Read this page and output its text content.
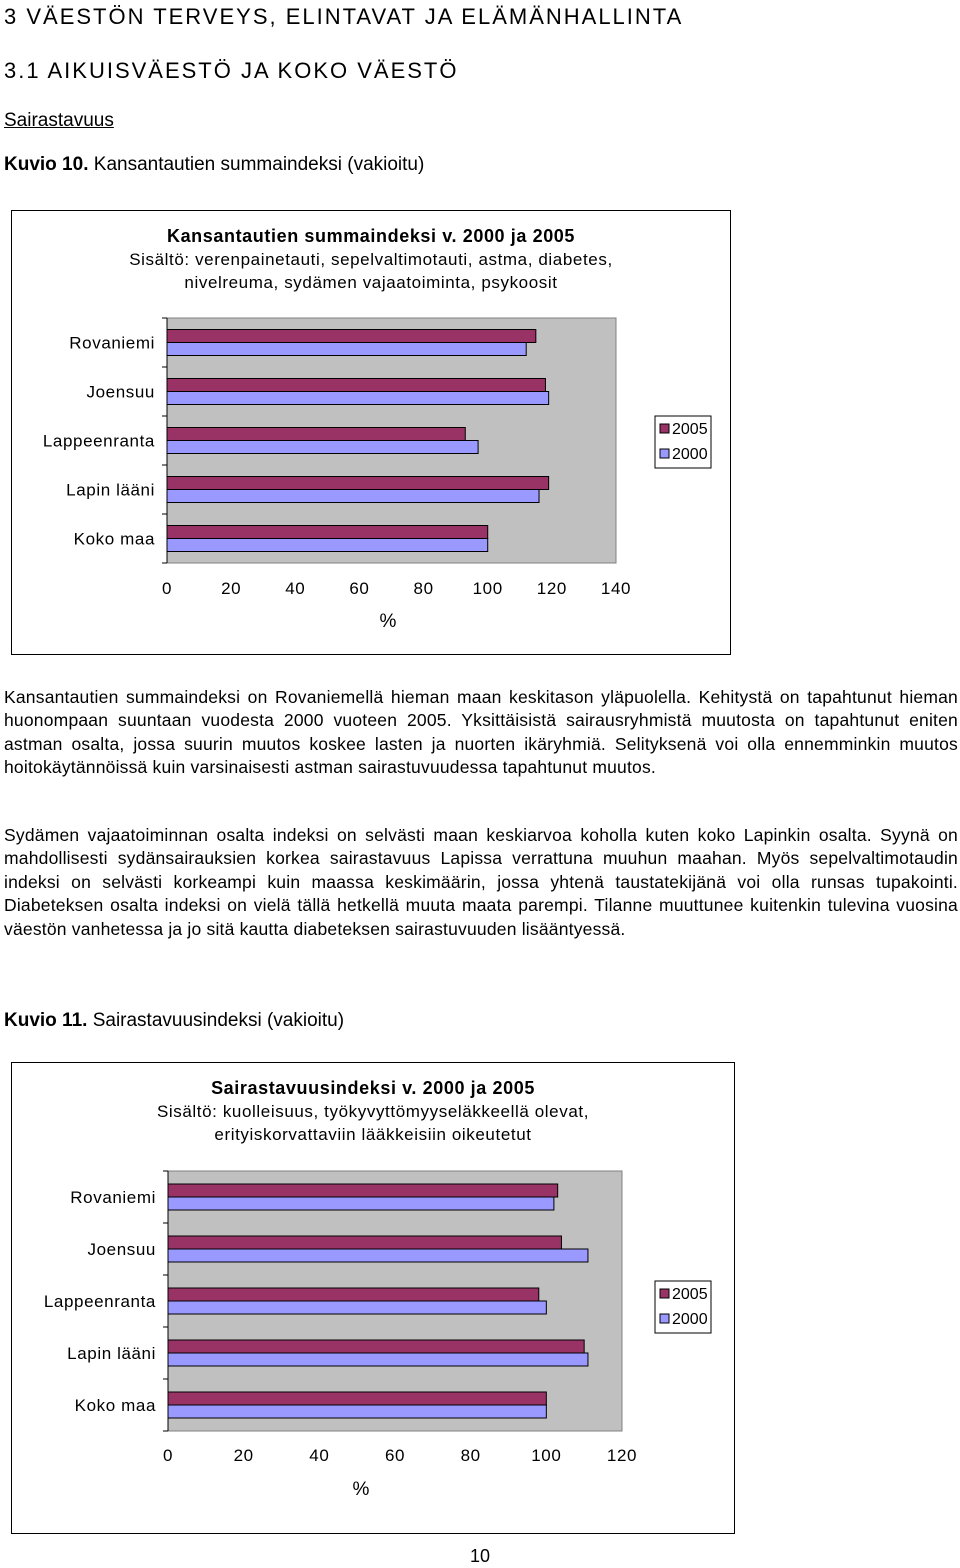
3 VÄESTÖN TERVEYS, ELINTAVAT JA ELÄMÄNHALLINTA
3.1 AIKUISVÄESTÖ JA KOKO VÄESTÖ
Sairastavuus
Kuvio 10. Kansantautien summaindeksi (vakioitu)
Kansantautien summaindeksi v. 2000 ja 2005
Sisältö: verenpainetauti, sepelvaltimotauti, astma, diabetes,
nivelreuma, sydämen vajaatoiminta, psykoosit
Rovaniemi
Joensuu
Lappeenranta
Lapin lääni
Koko maa
0	20	40	60	80 100 120 140
%
2005
2000
Kansantautien summaindeksi on Rovaniemellä hieman maan keskitason yläpuolella. Kehitystä on tapahtunut hieman huonompaan suuntaan vuodesta 2000 vuoteen 2005. Yksittäisistä sairausryhmistä muutosta on tapahtunut eniten astman osalta, jossa suurin muutos koskee lasten ja nuorten ikäryhmiä. Selityksenä voi olla ennemminkin muutos hoitokäytännöissä kuin varsinaisesti astman sairastuvuudessa tapahtunut muutos.
Sydämen vajaatoiminnan osalta indeksi on selvästi maan keskiarvoa koholla kuten koko Lapinkin osalta. Syynä on mahdollisesti sydänsairauksien korkea sairastavuus Lapissa verrattuna muuhun maahan. Myös sepelvaltimotaudin indeksi on selvästi korkeampi kuin maassa keskimäärin, jossa yhtenä taustatekijänä voi olla runsas tupakointi. Diabeteksen osalta indeksi on vielä tällä hetkellä muuta maata parempi. Tilanne muuttunee kuitenkin tulevina vuosina väestön vanhetessa ja jo sitä kautta diabeteksen sairastuvuuden lisääntyessä.
Kuvio 11. Sairastavuusindeksi (vakioitu)
Sairastavuusindeksi v. 2000 ja 2005
Sisältö: kuolleisuus, työkyvyttömyyseläkkeellä olevat,
erityiskorvattaviin lääkkeisiin oikeutetut
Rovaniemi
Joensuu
Lappeenranta
Lapin lääni
Koko maa
0	20	40	60	80	100	120
%
2005
2000
10
